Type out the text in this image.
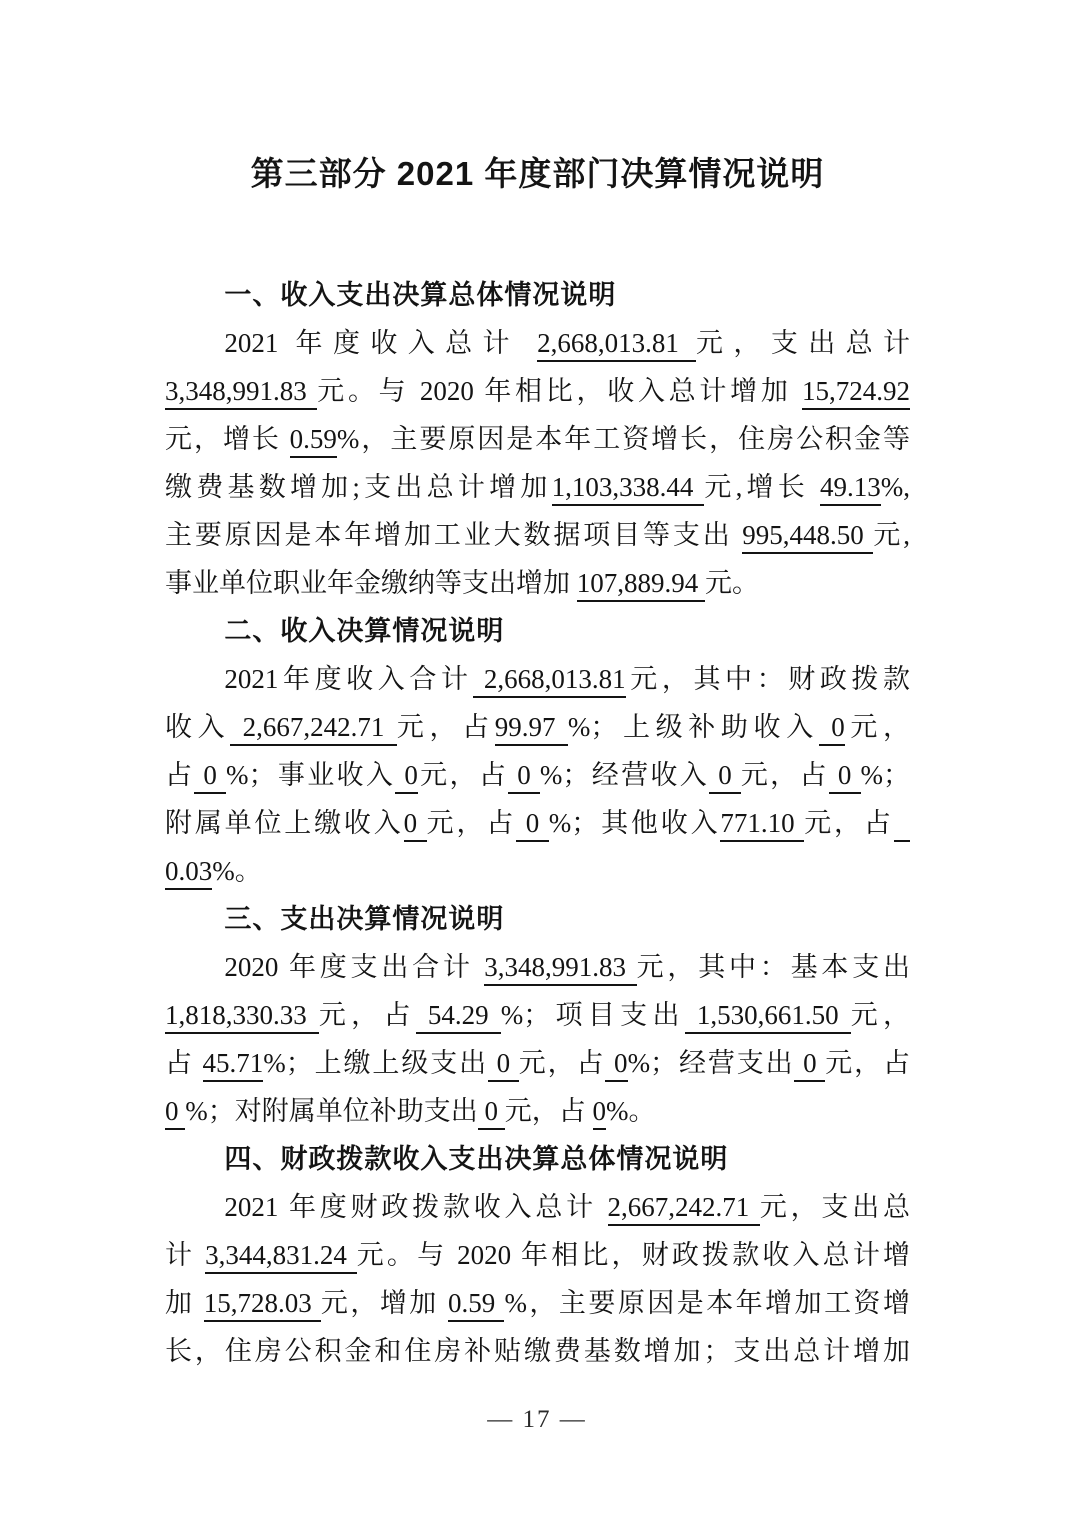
第三部分 2021 年度部门决算情况说明
一、收入支出决算总体情况说明
2021 年度收入总计 2,668,013.81 元，支出总计
3,348,991.83 元。与 2020 年相比，收入总计增加 15,724.92
元，增长 0.59%，主要原因是本年工资增长，住房公积金等
缴费基数增加;支出总计增加1,103,338.44 元,增长 49.13%,
主要原因是本年增加工业大数据项目等支出 995,448.50 元,
事业单位职业年金缴纳等支出增加 107,889.94 元。
二、收入决算情况说明
2021年度收入合计 2,668,013.81元，其中：财政拨款
收入 2,667,242.71 元，占99.97 %；上级补助收入 0元，
占 0 %；事业收入 0元，占 0 %；经营收入 0 元，占 0 %；
附属单位上缴收入0 元，占 0 %；其他收入771.10 元，占
0.03%。
三、支出决算情况说明
2020 年度支出合计 3,348,991.83 元，其中：基本支出
1,818,330.33 元，占 54.29 %；项目支出 1,530,661.50 元，
占 45.71%；上缴上级支出 0 元，占 0%；经营支出 0 元，占
0 %；对附属单位补助支出 0 元，占 0%。
四、财政拨款收入支出决算总体情况说明
2021 年度财政拨款收入总计 2,667,242.71 元，支出总
计 3,344,831.24 元。与 2020 年相比，财政拨款收入总计增
加 15,728.03 元，增加 0.59 %，主要原因是本年增加工资增
长，住房公积金和住房补贴缴费基数增加；支出总计增加
— 17 —
